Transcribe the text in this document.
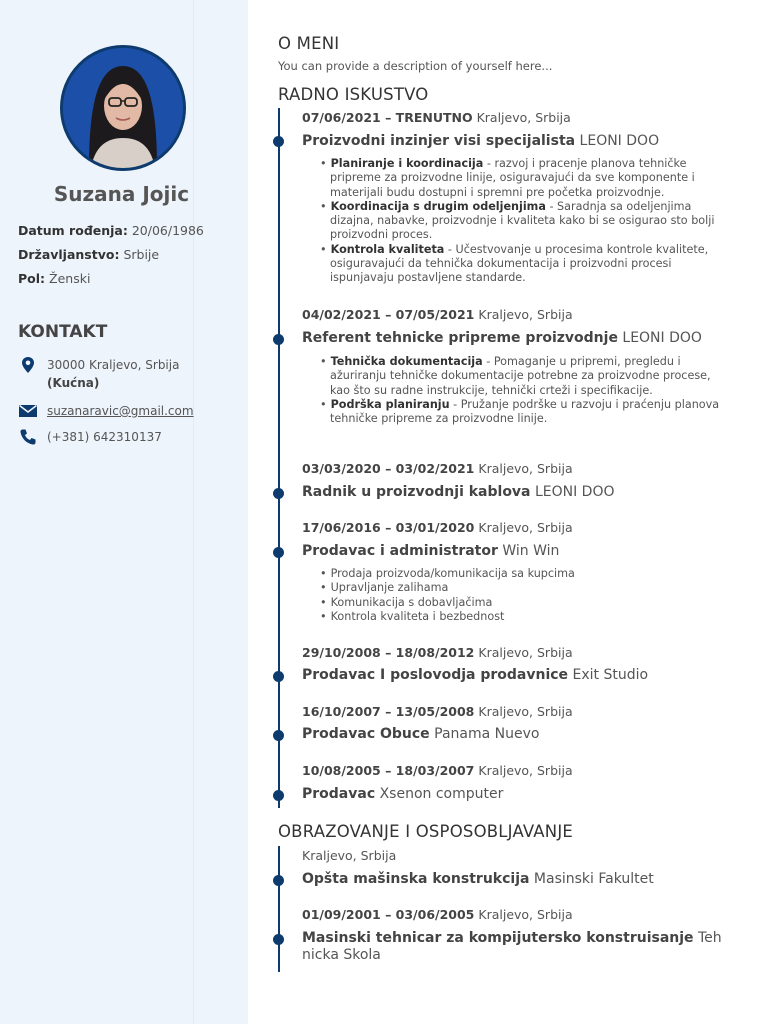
Suzana Jojic
Datum rođenja: 20/06/1986
Državljanstvo: Srbije
Pol: Ženski
KONTAKT
30000 Kraljevo, Srbija
(Kućna)
suzanaravic@gmail.com
(+381) 642310137
O MENI
You can provide a description of yourself here...
RADNO ISKUSTVO
07/06/2021 – TRENUTNO Kraljevo, Srbija
Proizvodni inzinjer visi specijalista LEONI DOO
• Planiranje i koordinacija - razvoj i pracenje planova tehničke pripreme za proizvodne linije, osiguravajući da sve komponente i materijali budu dostupni i spremni pre početka proizvodnje.
• Koordinacija s drugim odeljenjima - Saradnja sa odeljenjima dizajna, nabavke, proizvodnje i kvaliteta kako bi se osigurao sto bolji proizvodni proces.
• Kontrola kvaliteta - Učestvovanje u procesima kontrole kvalitete, osiguravajući da tehnička dokumentacija i proizvodni procesi ispunjavaju postavljene standarde.
04/02/2021 – 07/05/2021 Kraljevo, Srbija
Referent tehnicke pripreme proizvodnje LEONI DOO
• Tehnička dokumentacija - Pomaganje u pripremi, pregledu i ažuriranju tehničke dokumentacije potrebne za proizvodne procese, kao što su radne instrukcije, tehnički crteži i specifikacije.
• Podrška planiranju - Pružanje podrške u razvoju i praćenju planova tehničke pripreme za proizvodne linije.
03/03/2020 – 03/02/2021 Kraljevo, Srbija
Radnik u proizvodnji kablova LEONI DOO
17/06/2016 – 03/01/2020 Kraljevo, Srbija
Prodavac i administrator Win Win
• Prodaja proizvoda/komunikacija sa kupcima
• Upravljanje zalihama
• Komunikacija s dobavljačima
• Kontrola kvaliteta i bezbednost
29/10/2008 – 18/08/2012 Kraljevo, Srbija
Prodavac I poslovodja prodavnice Exit Studio
16/10/2007 – 13/05/2008 Kraljevo, Srbija
Prodavac Obuce Panama Nuevo
10/08/2005 – 18/03/2007 Kraljevo, Srbija
Prodavac Xsenon computer
OBRAZOVANJE I OSPOSOBLJAVANJE
Kraljevo, Srbija
Opšta mašinska konstrukcija Masinski Fakultet
01/09/2001 – 03/06/2005 Kraljevo, Srbija
Masinski tehnicar za kompijutersko konstruisanje Teh nicka Skola
